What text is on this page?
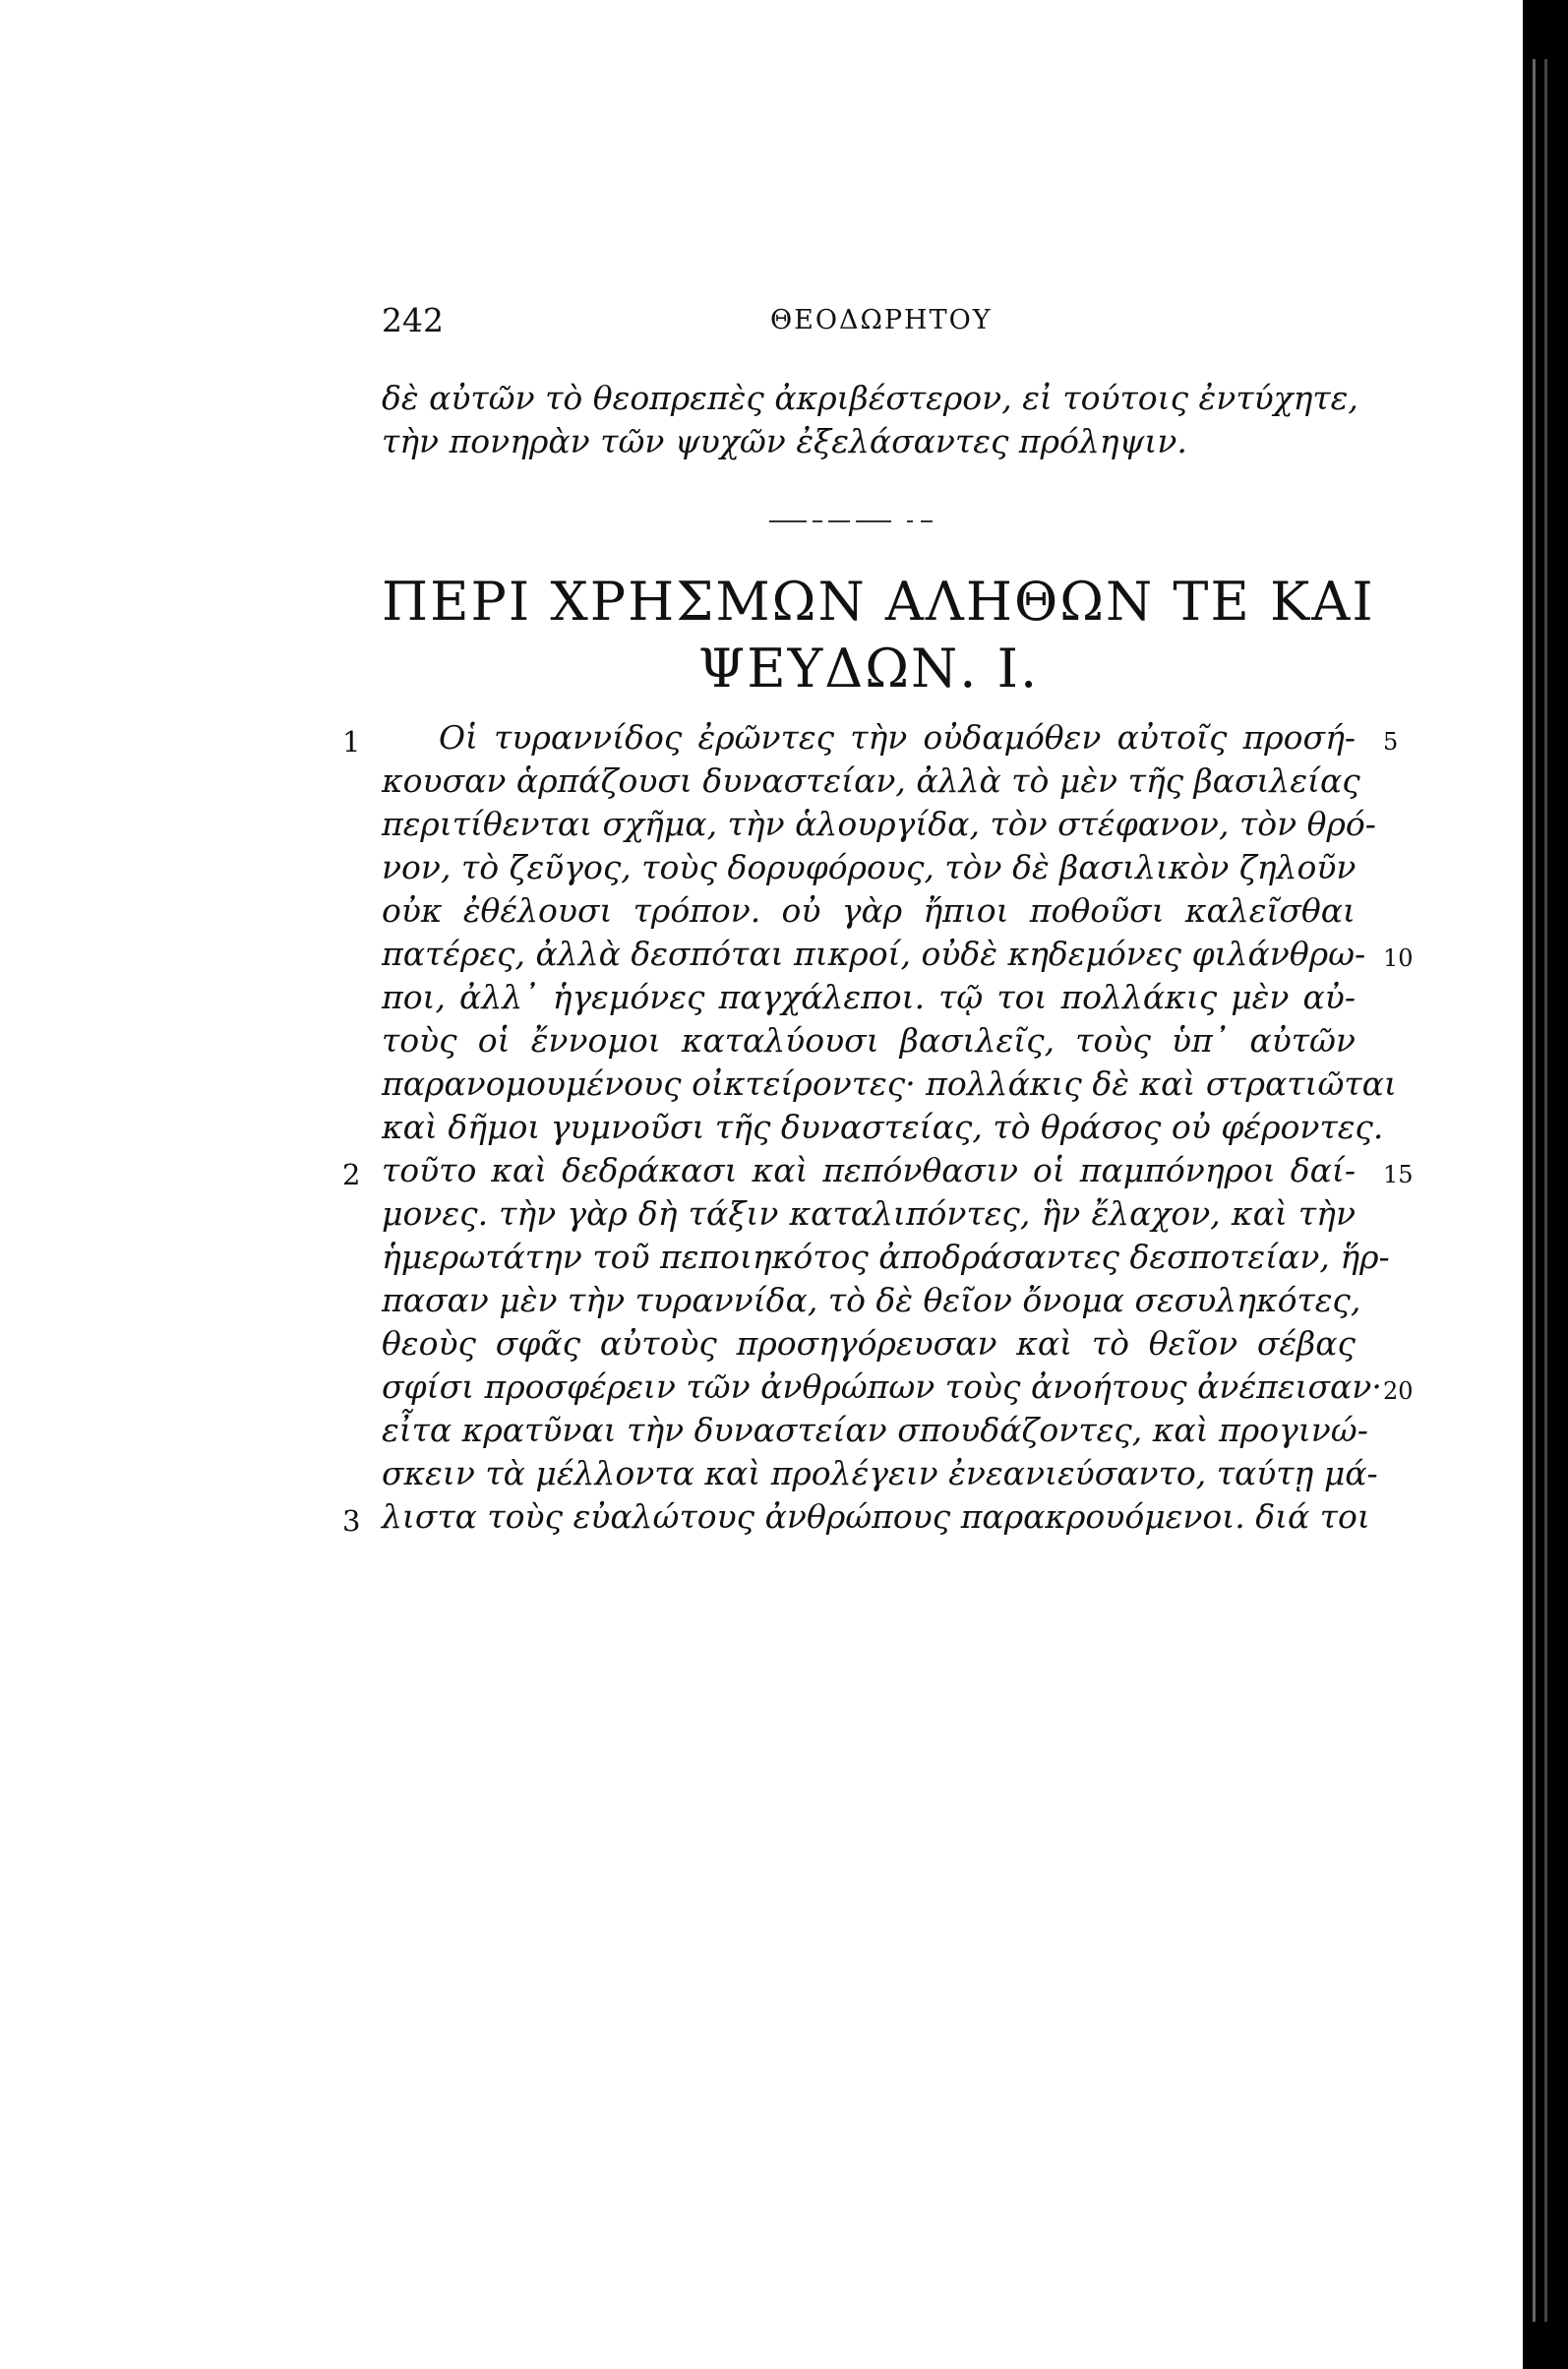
242	ΘΕΟΔΩΡΗΤΟΥ
δὲ αὐτῶν τὸ θεοπρεπὲς ἀκριβέστερον, εἰ τούτοις ἐντύχητε,
τὴν πονηρὰν τῶν ψυχῶν ἐξελάσαντες πρόληψιν.
ΠΕΡΙ ΧΡΗΣΜΩΝ ΑΛΗΘΩΝ ΤΕ ΚΑΙ
ΨΕΥΔΩΝ. I.
Οἱ τυραννίδος ἐρῶντες τὴν οὐδαμόθεν αὐτοῖς προσή-
κουσαν ἁρπάζουσι δυναστείαν, ἀλλὰ τὸ μὲν τῆς βασιλείας
περιτίθενται σχῆμα, τὴν ἁλουργίδα, τὸν στέφανον, τὸν θρό-
νον, τὸ ζεῦγος, τοὺς δορυφόρους, τὸν δὲ βασιλικὸν ζηλοῦν
οὐκ ἐθέλουσι τρόπον. οὐ γὰρ ἤπιοι ποθοῦσι καλεῖσθαι
πατέρες, ἀλλὰ δεσπόται πικροί, οὐδὲ κηδεμόνες φιλάνθρω-
ποι, ἀλλ᾽ ἡγεμόνες παγχάλεποι. τῷ τοι πολλάκις μὲν αὐ-
τοὺς οἱ ἔννομοι καταλύουσι βασιλεῖς, τοὺς ὑπ᾽ αὐτῶν
παρανομουμένους οἰκτείροντες· πολλάκις δὲ καὶ στρατιῶται
καὶ δῆμοι γυμνοῦσι τῆς δυναστείας, τὸ θράσος οὐ φέροντες.
τοῦτο καὶ δεδράκασι καὶ πεπόνθασιν οἱ παμπόνηροι δαί-
μονες. τὴν γὰρ δὴ τάξιν καταλιπόντες, ἣν ἔλαχον, καὶ τὴν
ἡμερωτάτην τοῦ πεποιηκότος ἀποδράσαντες δεσποτείαν, ἥρ-
πασαν μὲν τὴν τυραννίδα, τὸ δὲ θεῖον ὄνομα σεσυληκότες,
θεοὺς σφᾶς αὐτοὺς προσηγόρευσαν καὶ τὸ θεῖον σέβας
σφίσι προσφέρειν τῶν ἀνθρώπων τοὺς ἀνοήτους ἀνέπεισαν·
εἶτα κρατῦναι τὴν δυναστείαν σπουδάζοντες, καὶ προγινώ-
σκειν τὰ μέλλοντα καὶ προλέγειν ἐνεανιεύσαντο, ταύτῃ μά-
λιστα τοὺς εὐαλώτους ἀνθρώπους παρακρουόμενοι. διά τοι
1
2
3
5
10
15
20
